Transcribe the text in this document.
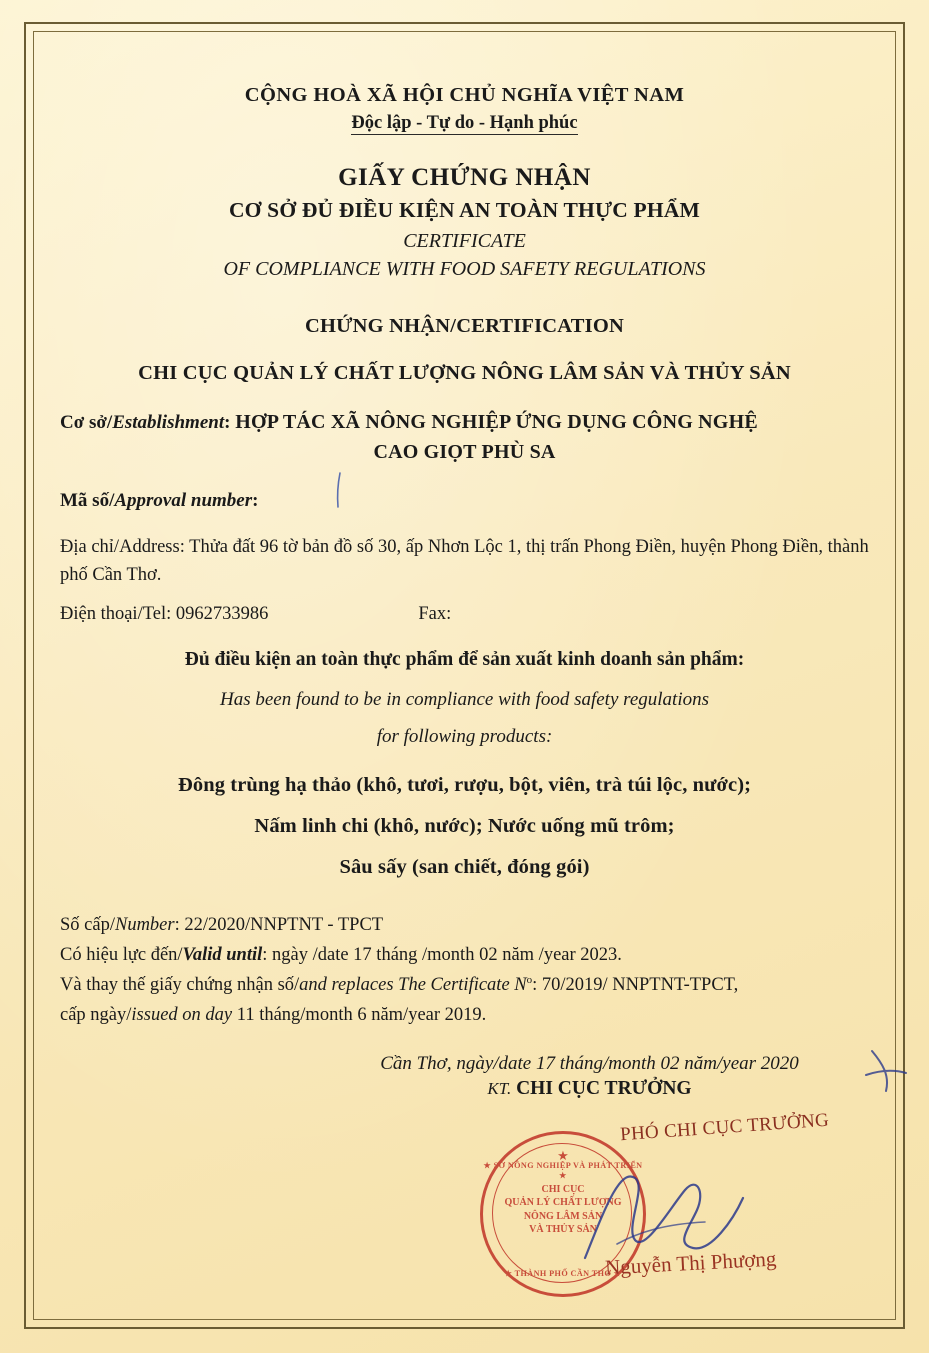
CỘNG HOÀ XÃ HỘI CHỦ NGHĨA VIỆT NAM
Độc lập - Tự do - Hạnh phúc
GIẤY CHỨNG NHẬN
CƠ SỞ ĐỦ ĐIỀU KIỆN AN TOÀN THỰC PHẨM
CERTIFICATE
OF COMPLIANCE WITH FOOD SAFETY REGULATIONS
CHỨNG NHẬN/CERTIFICATION
CHI CỤC QUẢN LÝ CHẤT LƯỢNG NÔNG LÂM SẢN VÀ THỦY SẢN
Cơ sở/Establishment: HỢP TÁC XÃ NÔNG NGHIỆP ỨNG DỤNG CÔNG NGHỆ
CAO GIỌT PHÙ SA
Mã số/Approval number:
Địa chỉ/Address: Thửa đất 96 tờ bản đồ số 30, ấp Nhơn Lộc 1, thị trấn Phong Điền, huyện Phong Điền, thành phố Cần Thơ.
Điện thoại/Tel: 0962733986	Fax:
Đủ điều kiện an toàn thực phẩm để sản xuất kinh doanh sản phẩm:
Has been found to be in compliance with food safety regulations
for following products:
Đông trùng hạ thảo (khô, tươi, rượu, bột, viên, trà túi lộc, nước);
Nấm linh chi (khô, nước); Nước uống mũ trôm;
Sâu sấy (san chiết, đóng gói)
Số cấp/Number: 22/2020/NNPTNT - TPCT
Có hiệu lực đến/Valid until: ngày /date 17 tháng /month 02 năm /year 2023.
Và thay thế giấy chứng nhận số/and replaces The Certificate $N^o$: 70/2019/ NNPTNT-TPCT,
cấp ngày/issued on day 11 tháng/month 6 năm/year 2019.
Cần Thơ, ngày/date 17 tháng/month 02 năm/year 2020
KT. CHI CỤC TRƯỞNG
PHÓ CHI CỤC TRƯỞNG
★
★ SỞ NÔNG NGHIỆP VÀ PHÁT TRIỂN ★
CHI CỤC
QUẢN LÝ CHẤT LƯỢNG
NÔNG LÂM SẢN
VÀ THỦY SẢN
★ THÀNH PHỐ CẦN THƠ ★
Nguyễn Thị Phượng
